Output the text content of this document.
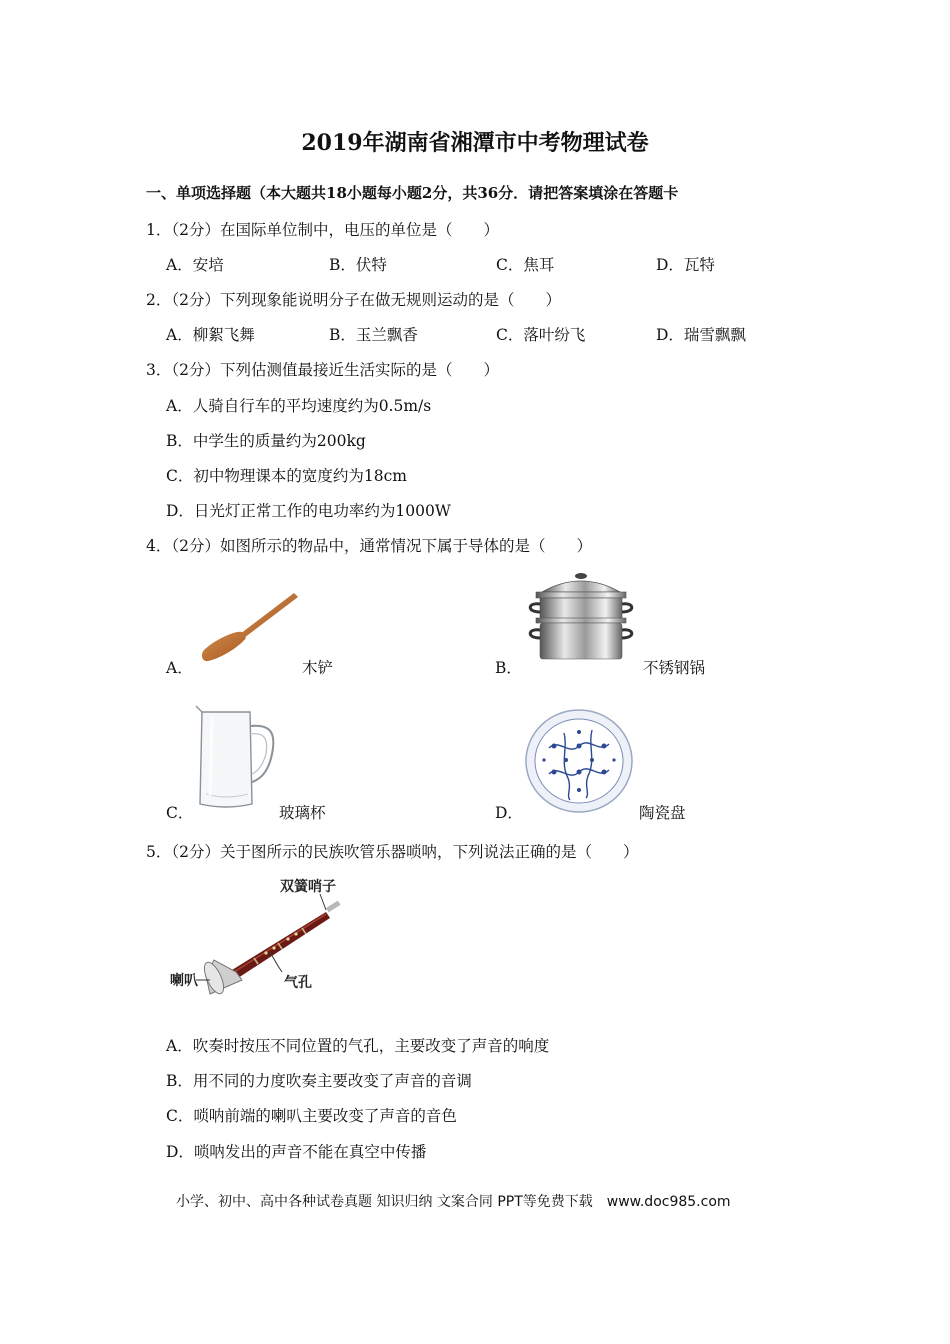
2019年湖南省湘潭市中考物理试卷
一、单项选择题（本大题共18小题每小题2分，共36分．请把答案填涂在答题卡
1．（2分）在国际单位制中，电压的单位是（　　）
A．安培	B．伏特	C．焦耳	D．瓦特
2．（2分）下列现象能说明分子在做无规则运动的是（　　）
A．柳絮飞舞	B．玉兰飘香	C．落叶纷飞	D．瑞雪飘飘
3．（2分）下列估测值最接近生活实际的是（　　）
A．人骑自行车的平均速度约为0.5m/s
B．中学生的质量约为200kg
C．初中物理课本的宽度约为18cm
D．日光灯正常工作的电功率约为1000W
4．（2分）如图所示的物品中，通常情况下属于导体的是（　　）
A．	木铲	B．	不锈钢锅
C．	玻璃杯	D．	陶瓷盘
5．（2分）关于图所示的民族吹管乐器唢呐，下列说法正确的是（　　）
双簧哨子
喇叭	气孔
A．吹奏时按压不同位置的气孔，主要改变了声音的响度
B．用不同的力度吹奏主要改变了声音的音调
C．唢呐前端的喇叭主要改变了声音的音色
D．唢呐发出的声音不能在真空中传播
小学、初中、高中各种试卷真题 知识归纳 文案合同 PPT等免费下载　www.doc985.com
